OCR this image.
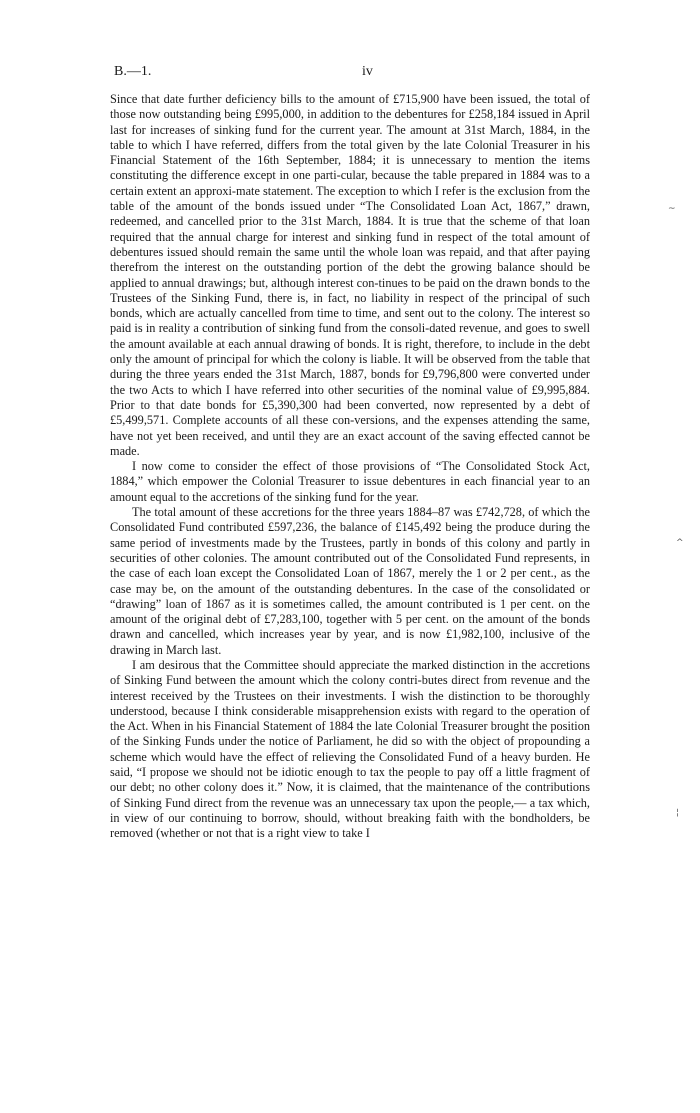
B.—1.	iv

Since that date further deficiency bills to the amount of £715,900 have been issued, the total of those now outstanding being £995,000, in addition to the debentures for £258,184 issued in April last for increases of sinking fund for the current year. The amount at 31st March, 1884, in the table to which I have referred, differs from the total given by the late Colonial Treasurer in his Financial Statement of the 16th September, 1884; it is unnecessary to mention the items constituting the difference except in one parti-cular, because the table prepared in 1884 was to a certain extent an approxi-mate statement. The exception to which I refer is the exclusion from the table of the amount of the bonds issued under “The Consolidated Loan Act, 1867,” drawn, redeemed, and cancelled prior to the 31st March, 1884. It is true that the scheme of that loan required that the annual charge for interest and sinking fund in respect of the total amount of debentures issued should remain the same until the whole loan was repaid, and that after paying therefrom the interest on the outstanding portion of the debt the growing balance should be applied to annual drawings; but, although interest con-tinues to be paid on the drawn bonds to the Trustees of the Sinking Fund, there is, in fact, no liability in respect of the principal of such bonds, which are actually cancelled from time to time, and sent out to the colony. The interest so paid is in reality a contribution of sinking fund from the consoli-dated revenue, and goes to swell the amount available at each annual drawing of bonds. It is right, therefore, to include in the debt only the amount of principal for which the colony is liable. It will be observed from the table that during the three years ended the 31st March, 1887, bonds for £9,796,800 were converted under the two Acts to which I have referred into other securities of the nominal value of £9,995,884. Prior to that date bonds for £5,390,300 had been converted, now represented by a debt of £5,499,571. Complete accounts of all these con-versions, and the expenses attending the same, have not yet been received, and until they are an exact account of the saving effected cannot be made.

I now come to consider the effect of those provisions of “The Consolidated Stock Act, 1884,” which empower the Colonial Treasurer to issue debentures in each financial year to an amount equal to the accretions of the sinking fund for the year.

The total amount of these accretions for the three years 1884–87 was £742,728, of which the Consolidated Fund contributed £597,236, the balance of £145,492 being the produce during the same period of investments made by the Trustees, partly in bonds of this colony and partly in securities of other colonies. The amount contributed out of the Consolidated Fund represents, in the case of each loan except the Consolidated Loan of 1867, merely the 1 or 2 per cent., as the case may be, on the amount of the outstanding debentures. In the case of the consolidated or “drawing” loan of 1867 as it is sometimes called, the amount contributed is 1 per cent. on the amount of the original debt of £7,283,100, together with 5 per cent. on the amount of the bonds drawn and cancelled, which increases year by year, and is now £1,982,100, inclusive of the drawing in March last.

I am desirous that the Committee should appreciate the marked distinction in the accretions of Sinking Fund between the amount which the colony contri-butes direct from revenue and the interest received by the Trustees on their investments. I wish the distinction to be thoroughly understood, because I think considerable misapprehension exists with regard to the operation of the Act. When in his Financial Statement of 1884 the late Colonial Treasurer brought the position of the Sinking Funds under the notice of Parliament, he did so with the object of propounding a scheme which would have the effect of relieving the Consolidated Fund of a heavy burden. He said, “I propose we should not be idiotic enough to tax the people to pay off a little fragment of our debt; no other colony does it.” Now, it is claimed, that the maintenance of the contributions of Sinking Fund direct from the revenue was an unnecessary tax upon the people,— a tax which, in view of our continuing to borrow, should, without breaking faith with the bondholders, be removed (whether or not that is a right view to take I

~
^
¦
